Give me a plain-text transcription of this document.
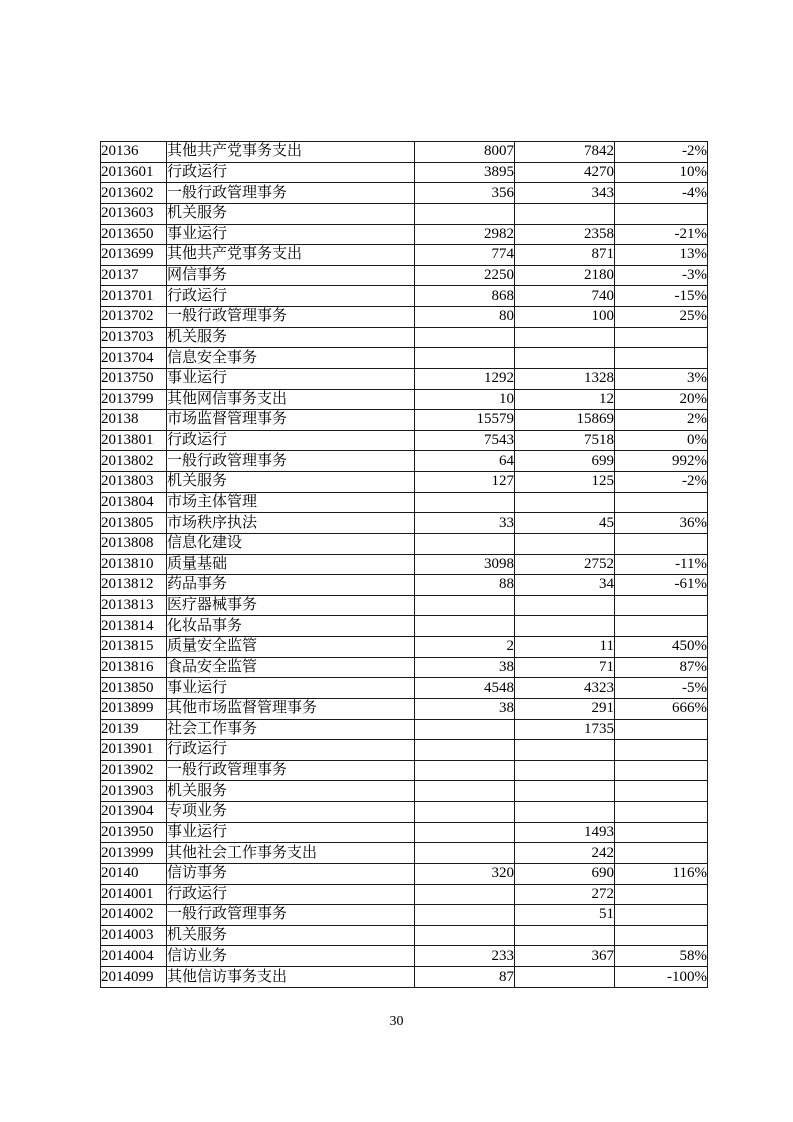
20136	其他共产党事务支出	8007	7842	-2%
2013601	行政运行	3895	4270	10%
2013602	一般行政管理事务	356	343	-4%
2013603	机关服务			
2013650	事业运行	2982	2358	-21%
2013699	其他共产党事务支出	774	871	13%
20137	网信事务	2250	2180	-3%
2013701	行政运行	868	740	-15%
2013702	一般行政管理事务	80	100	25%
2013703	机关服务			
2013704	信息安全事务			
2013750	事业运行	1292	1328	3%
2013799	其他网信事务支出	10	12	20%
20138	市场监督管理事务	15579	15869	2%
2013801	行政运行	7543	7518	0%
2013802	一般行政管理事务	64	699	992%
2013803	机关服务	127	125	-2%
2013804	市场主体管理			
2013805	市场秩序执法	33	45	36%
2013808	信息化建设			
2013810	质量基础	3098	2752	-11%
2013812	药品事务	88	34	-61%
2013813	医疗器械事务			
2013814	化妆品事务			
2013815	质量安全监管	2	11	450%
2013816	食品安全监管	38	71	87%
2013850	事业运行	4548	4323	-5%
2013899	其他市场监督管理事务	38	291	666%
20139	社会工作事务		1735	
2013901	行政运行			
2013902	一般行政管理事务			
2013903	机关服务			
2013904	专项业务			
2013950	事业运行		1493	
2013999	其他社会工作事务支出		242	
20140	信访事务	320	690	116%
2014001	行政运行		272	
2014002	一般行政管理事务		51	
2014003	机关服务			
2014004	信访业务	233	367	58%
2014099	其他信访事务支出	87		-100%
30
